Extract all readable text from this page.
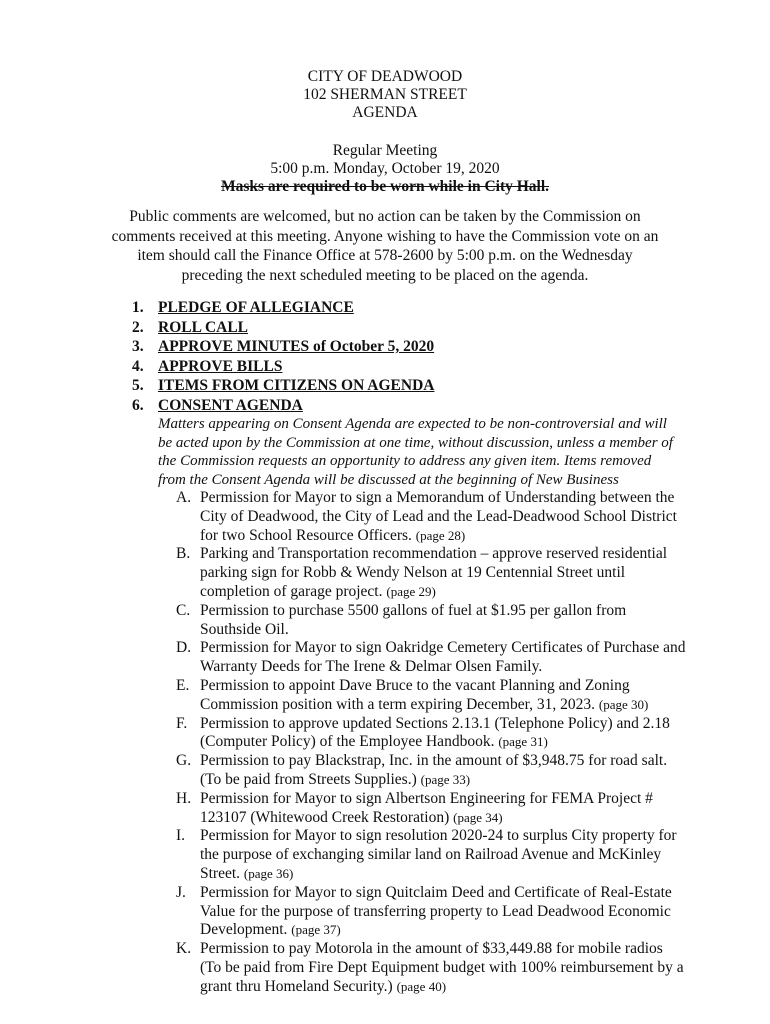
CITY OF DEADWOOD
102 SHERMAN STREET
AGENDA
Regular Meeting
5:00 p.m. Monday, October 19, 2020
Masks are required to be worn while in City Hall.
Public comments are welcomed, but no action can be taken by the Commission on comments received at this meeting. Anyone wishing to have the Commission vote on an item should call the Finance Office at 578-2600 by 5:00 p.m. on the Wednesday preceding the next scheduled meeting to be placed on the agenda.
1. PLEDGE OF ALLEGIANCE
2. ROLL CALL
3. APPROVE MINUTES of October 5, 2020
4. APPROVE BILLS
5. ITEMS FROM CITIZENS ON AGENDA
6. CONSENT AGENDA
Matters appearing on Consent Agenda are expected to be non-controversial and will be acted upon by the Commission at one time, without discussion, unless a member of the Commission requests an opportunity to address any given item. Items removed from the Consent Agenda will be discussed at the beginning of New Business
A. Permission for Mayor to sign a Memorandum of Understanding between the City of Deadwood, the City of Lead and the Lead-Deadwood School District for two School Resource Officers. (page 28)
B. Parking and Transportation recommendation – approve reserved residential parking sign for Robb & Wendy Nelson at 19 Centennial Street until completion of garage project. (page 29)
C. Permission to purchase 5500 gallons of fuel at $1.95 per gallon from Southside Oil.
D. Permission for Mayor to sign Oakridge Cemetery Certificates of Purchase and Warranty Deeds for The Irene & Delmar Olsen Family.
E. Permission to appoint Dave Bruce to the vacant Planning and Zoning Commission position with a term expiring December, 31, 2023. (page 30)
F. Permission to approve updated Sections 2.13.1 (Telephone Policy) and 2.18 (Computer Policy) of the Employee Handbook. (page 31)
G. Permission to pay Blackstrap, Inc. in the amount of $3,948.75 for road salt. (To be paid from Streets Supplies.) (page 33)
H. Permission for Mayor to sign Albertson Engineering for FEMA Project # 123107 (Whitewood Creek Restoration) (page 34)
I. Permission for Mayor to sign resolution 2020-24 to surplus City property for the purpose of exchanging similar land on Railroad Avenue and McKinley Street. (page 36)
J. Permission for Mayor to sign Quitclaim Deed and Certificate of Real-Estate Value for the purpose of transferring property to Lead Deadwood Economic Development. (page 37)
K. Permission to pay Motorola in the amount of $33,449.88 for mobile radios (To be paid from Fire Dept Equipment budget with 100% reimbursement by a grant thru Homeland Security.) (page 40)
